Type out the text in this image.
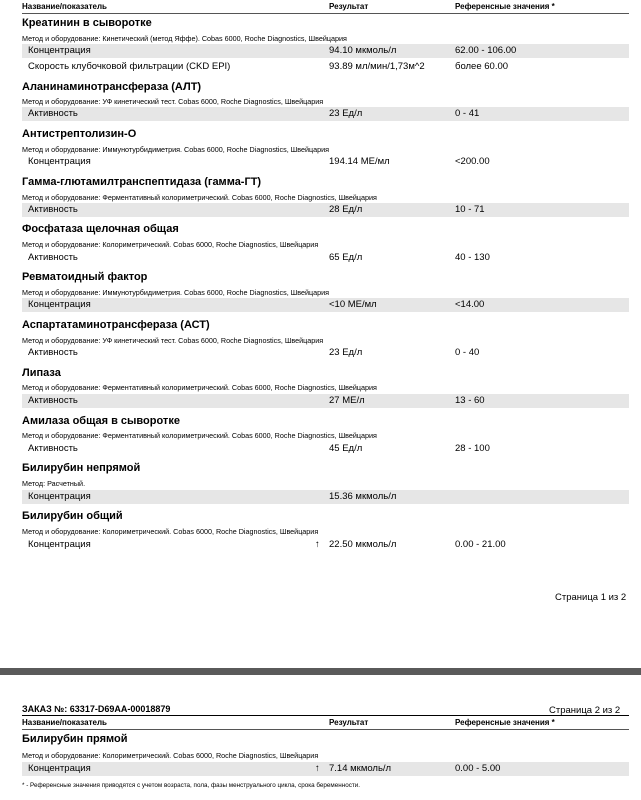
Название/показатель	Результат	Референсные значения *
Креатинин в сыворотке
Метод и оборудование: Кинетический (метод Яффе). Cobas 6000, Roche Diagnostics, Швейцария
Концентрация	94.10 мкмоль/л	62.00 - 106.00
Скорость клубочковой фильтрации (CKD EPI)	93.89 мл/мин/1,73м^2	более 60.00
Аланинаминотрансфераза (АЛТ)
Метод и оборудование: УФ кинетический тест. Cobas 6000, Roche Diagnostics, Швейцария
Активность	23 Ед/л	0 - 41
Антистрептолизин-О
Метод и оборудование: Иммунотурбидиметрия. Cobas 6000, Roche Diagnostics, Швейцария
Концентрация	194.14 МЕ/мл	<200.00
Гамма-глютамилтранспептидаза (гамма-ГТ)
Метод и оборудование: Ферментативный колориметрический. Cobas 6000, Roche Diagnostics, Швейцария
Активность	28 Ед/л	10 - 71
Фосфатаза щелочная общая
Метод и оборудование: Колориметрический. Cobas 6000, Roche Diagnostics, Швейцария
Активность	65 Ед/л	40 - 130
Ревматоидный фактор
Метод и оборудование: Иммунотурбидиметрия. Cobas 6000, Roche Diagnostics, Швейцария
Концентрация	<10 МЕ/мл	<14.00
Аспартатаминотрансфераза (АСТ)
Метод и оборудование: УФ кинетический тест. Cobas 6000, Roche Diagnostics, Швейцария
Активность	23 Ед/л	0 - 40
Липаза
Метод и оборудование: Ферментативный колориметрический. Cobas 6000, Roche Diagnostics, Швейцария
Активность	27 МЕ/л	13 - 60
Амилаза общая в сыворотке
Метод и оборудование: Ферментативный колориметрический. Cobas 6000, Roche Diagnostics, Швейцария
Активность	45 Ед/л	28 - 100
Билирубин непрямой
Метод: Расчетный.
Концентрация	15.36 мкмоль/л
Билирубин общий
Метод и оборудование: Колориметрический. Cobas 6000, Roche Diagnostics, Швейцария
Концентрация	↑ 22.50 мкмоль/л	0.00 - 21.00
Страница 1 из 2
ЗАКАЗ №: 63317-D69AA-00018879	Страница 2 из 2
Название/показатель	Результат	Референсные значения *
Билирубин прямой
Метод и оборудование: Колориметрический. Cobas 6000, Roche Diagnostics, Швейцария
Концентрация	↑ 7.14 мкмоль/л	0.00 - 5.00
* - Референсные значения приводятся с учетом возраста, пола, фазы менструального цикла, срока беременности.
